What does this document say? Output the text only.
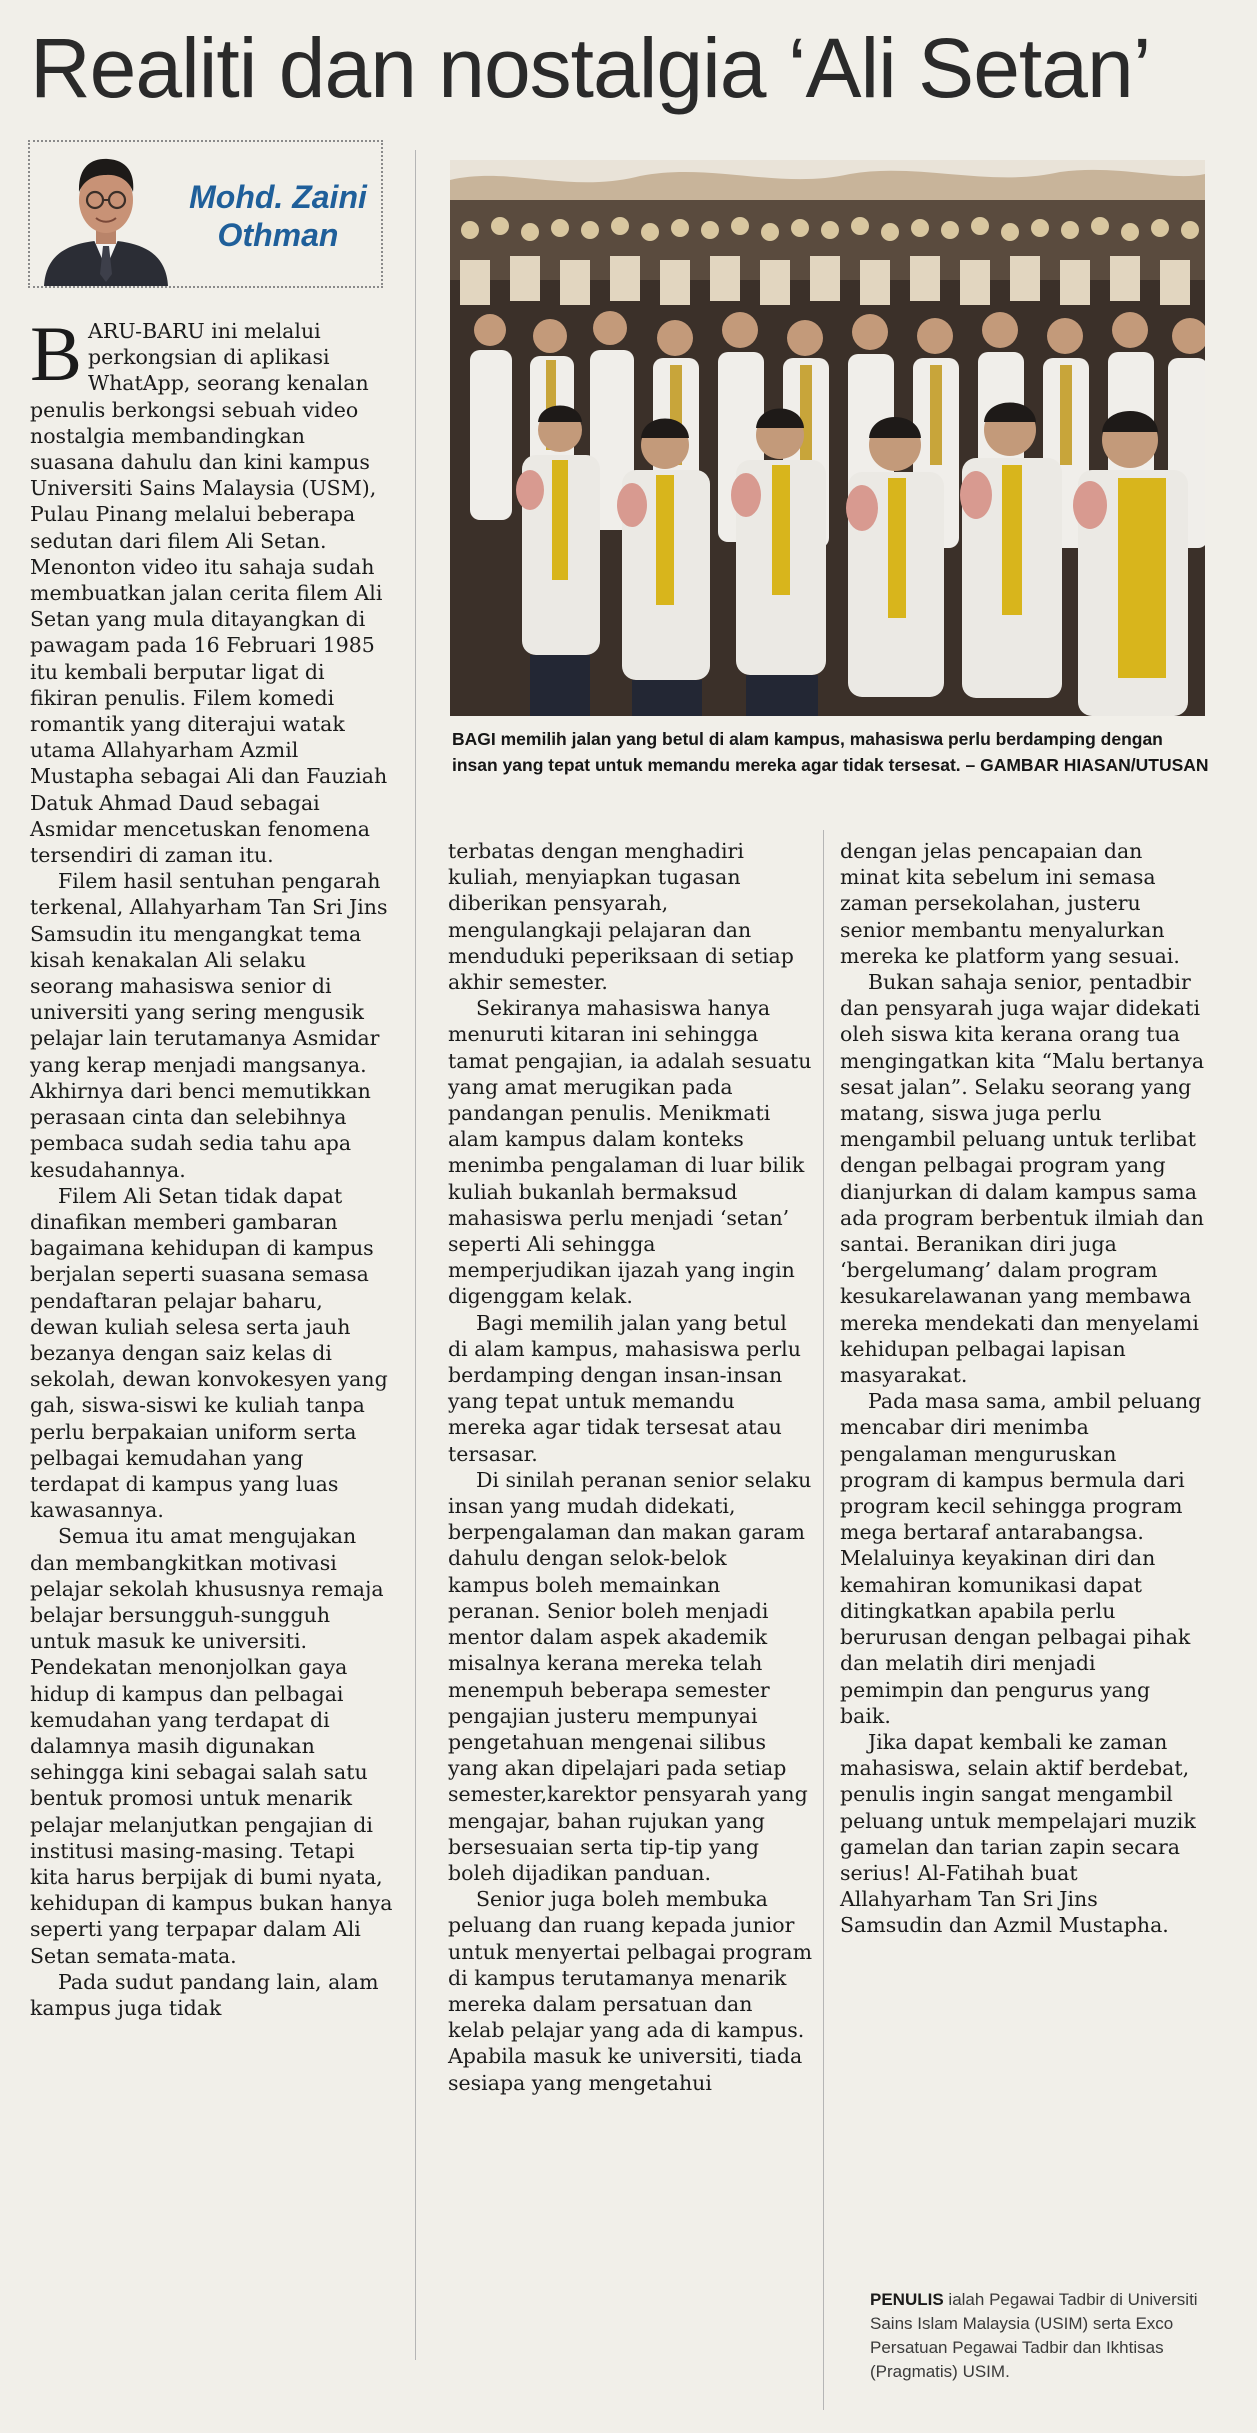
Realiti dan nostalgia ‘Ali Setan’
Mohd. Zaini
Othman

BAGI memilih jalan yang betul di alam kampus, mahasiswa perlu berdamping dengan insan yang tepat untuk memandu mereka agar tidak tersesat. – GAMBAR HIASAN/UTUSAN

B ARU-BARU ini melalui perkongsian di aplikasi WhatApp, seorang kenalan penulis berkongsi sebuah video nostalgia membandingkan suasana dahulu dan kini kampus Universiti Sains Malaysia (USM), Pulau Pinang melalui beberapa sedutan dari filem Ali Setan. Menonton video itu sahaja sudah membuatkan jalan cerita filem Ali Setan yang mula ditayangkan di pawagam pada 16 Februari 1985 itu kembali berputar ligat di fikiran penulis. Filem komedi romantik yang diterajui watak utama Allahyarham Azmil Mustapha sebagai Ali dan Fauziah Datuk Ahmad Daud sebagai Asmidar mencetuskan fenomena tersendiri di zaman itu.

Filem hasil sentuhan pengarah terkenal, Allahyarham Tan Sri Jins Samsudin itu mengangkat tema kisah kenakalan Ali selaku seorang mahasiswa senior di universiti yang sering mengusik pelajar lain terutamanya Asmidar yang kerap menjadi mangsanya. Akhirnya dari benci memutikkan perasaan cinta dan selebihnya pembaca sudah sedia tahu apa kesudahannya.

Filem Ali Setan tidak dapat dinafikan memberi gambaran bagaimana kehidupan di kampus berjalan seperti suasana semasa pendaftaran pelajar baharu, dewan kuliah selesa serta jauh bezanya dengan saiz kelas di sekolah, dewan konvokesyen yang gah, siswa-siswi ke kuliah tanpa perlu berpakaian uniform serta pelbagai kemudahan yang terdapat di kampus yang luas kawasannya.

Semua itu amat mengujakan dan membangkitkan motivasi pelajar sekolah khususnya remaja belajar bersungguh-sungguh untuk masuk ke universiti. Pendekatan menonjolkan gaya hidup di kampus dan pelbagai kemudahan yang terdapat di dalamnya masih digunakan sehingga kini sebagai salah satu bentuk promosi untuk menarik pelajar melanjutkan pengajian di institusi masing-masing. Tetapi kita harus berpijak di bumi nyata, kehidupan di kampus bukan hanya seperti yang terpapar dalam Ali Setan semata-mata.

Pada sudut pandang lain, alam kampus juga tidak

terbatas dengan menghadiri kuliah, menyiapkan tugasan diberikan pensyarah, mengulangkaji pelajaran dan menduduki peperiksaan di setiap akhir semester.

Sekiranya mahasiswa hanya menuruti kitaran ini sehingga tamat pengajian, ia adalah sesuatu yang amat merugikan pada pandangan penulis. Menikmati alam kampus dalam konteks menimba pengalaman di luar bilik kuliah bukanlah bermaksud mahasiswa perlu menjadi ‘setan’ seperti Ali sehingga memperjudikan ijazah yang ingin digenggam kelak.

Bagi memilih jalan yang betul di alam kampus, mahasiswa perlu berdamping dengan insan-insan yang tepat untuk memandu mereka agar tidak tersesat atau tersasar.

Di sinilah peranan senior selaku insan yang mudah didekati, berpengalaman dan makan garam dahulu dengan selok-belok kampus boleh memainkan peranan. Senior boleh menjadi mentor dalam aspek akademik misalnya kerana mereka telah menempuh beberapa semester pengajian justeru mempunyai pengetahuan mengenai silibus yang akan dipelajari pada setiap semester,karektor pensyarah yang mengajar, bahan rujukan yang bersesuaian serta tip-tip yang boleh dijadikan panduan.

Senior juga boleh membuka peluang dan ruang kepada junior untuk menyertai pelbagai program di kampus terutamanya menarik mereka dalam persatuan dan kelab pelajar yang ada di kampus. Apabila masuk ke universiti, tiada sesiapa yang mengetahui

dengan jelas pencapaian dan minat kita sebelum ini semasa zaman persekolahan, justeru senior membantu menyalurkan mereka ke platform yang sesuai.

Bukan sahaja senior, pentadbir dan pensyarah juga wajar didekati oleh siswa kita kerana orang tua mengingatkan kita “Malu bertanya sesat jalan”. Selaku seorang yang matang, siswa juga perlu mengambil peluang untuk terlibat dengan pelbagai program yang dianjurkan di dalam kampus sama ada program berbentuk ilmiah dan santai. Beranikan diri juga ‘bergelumang’ dalam program kesukarelawanan yang membawa mereka mendekati dan menyelami kehidupan pelbagai lapisan masyarakat.

Pada masa sama, ambil peluang mencabar diri menimba pengalaman menguruskan program di kampus bermula dari program kecil sehingga program mega bertaraf antarabangsa. Melaluinya keyakinan diri dan kemahiran komunikasi dapat ditingkatkan apabila perlu berurusan dengan pelbagai pihak dan melatih diri menjadi pemimpin dan pengurus yang baik.

Jika dapat kembali ke zaman mahasiswa, selain aktif berdebat, penulis ingin sangat mengambil peluang untuk mempelajari muzik gamelan dan tarian zapin secara serius! Al-Fatihah buat Allahyarham Tan Sri Jins Samsudin dan Azmil Mustapha.

PENULIS ialah Pegawai Tadbir di Universiti Sains Islam Malaysia (USIM) serta Exco Persatuan Pegawai Tadbir dan Ikhtisas (Pragmatis) USIM.
